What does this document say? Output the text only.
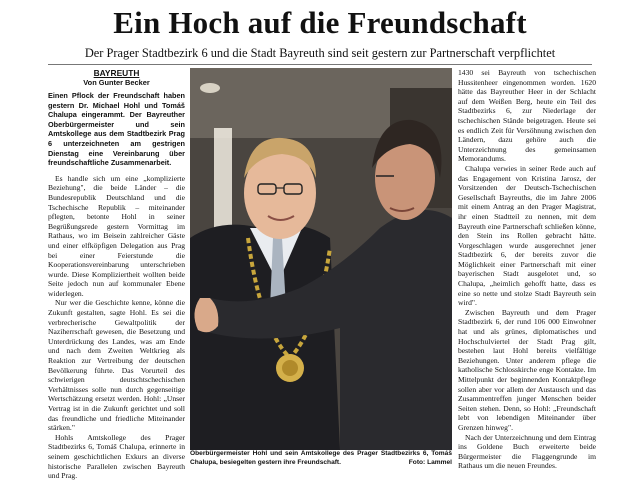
Ein Hoch auf die Freundschaft

Der Prager Stadtbezirk 6 und die Stadt Bayreuth sind seit gestern zur Partnerschaft verpflichtet

BAYREUTH
Von Gunter Becker
Einen Pflock der Freundschaft haben gestern Dr. Michael Hohl und Tomáš Chalupa eingerammt. Der Bayreuther Oberbürgermeister und sein Amtskollege aus dem Stadtbezirk Prag 6 unterzeichneten am gestrigen Dienstag eine Vereinbarung über freundschaftliche Zusammenarbeit.

Es handle sich um eine „komplizierte Beziehung", die beide Länder – die Bundesrepublik Deutschland und die Tschechische Republik – miteinander pflegten, betonte Hohl in seiner Begrüßungsrede gestern Vormittag im Rathaus, wo im Beisein zahlreicher Gäste und einer elfköpfigen Delegation aus Prag bei einer Feierstunde die Kooperationsvereinbarung unterschrieben wurde. Diese Kompliziertheit wollten beide Seite jedoch nun auf kommunaler Ebene widerlegen.

Nur wer die Geschichte kenne, könne die Zukunft gestalten, sagte Hohl. Es sei die verbrecherische Gewaltpolitik der Naziherrschaft gewesen, die Besetzung und Unterdrückung des Landes, was am Ende und nach dem Zweiten Weltkrieg als Reaktion zur Vertreibung der deutschen Bevölkerung führte. Das Vorurteil des schwierigen deutschtschechischen Verhältnisses solle nun durch gegenseitige Wertschätzung ersetzt werden. Hohl: „Unser Vertrag ist in die Zukunft gerichtet und soll das freundliche und friedliche Miteinander stärken."

Hohls Amtskollege des Prager Stadtbezirks 6, Tomáš Chalupa, erinnerte in seinem geschichtlichen Exkurs an diverse historische Parallelen zwischen Bayreuth und Prag.

Oberbürgermeister Hohl und sein Amtskollege des Prager Stadtbezirks 6, Tomáš Chalupa, besiegelten gestern ihre Freundschaft.	Foto: Lammel

1430 sei Bayreuth von tschechischen Hussitenheer eingenommen worden. 1620 hätte das Bayreuther Heer in der Schlacht auf dem Weißen Berg, heute ein Teil des Stadtbezirks 6, zur Niederlage der tschechischen Stände beigetragen. Heute sei es endlich Zeit für Versöhnung zwischen den Ländern, dazu gehöre auch die Unterzeichnung des gemeinsamen Memorandums.

Chalupa verwies in seiner Rede auch auf das Engagement von Kristina Jarosz, der Vorsitzenden der Deutsch-Tschechischen Gesellschaft Bayreuths, die im Jahre 2006 mit einem Antrag an den Prager Magistrat, ihr einen Stadtteil zu nennen, mit dem Bayreuth eine Partnerschaft schließen könne, den Stein ins Rollen gebracht hätte. Vorgeschlagen wurde ausgerechnet jener Stadtbezirk 6, der bereits zuvor die Möglichkeit einer Partnerschaft mit einer bayerischen Stadt ausgelotet und, so Chalupa, „heimlich gehofft hatte, dass es eine so nette und stolze Stadt Bayreuth sein wird".

Zwischen Bayreuth und dem Prager Stadtbezirk 6, der rund 106 000 Einwohner hat und als grünes, diplomatisches und Hochschulviertel der Stadt Prag gilt, bestehen laut Hohl bereits vielfältige Beziehungen. Unter anderem pflege die katholische Schlosskirche enge Kontakte. Im Mittelpunkt der beginnenden Kontaktpflege sollen aber vor allem der Austausch und das Zusammentreffen junger Menschen beider Seiten stehen. Denn, so Hohl: „Freundschaft lebt von lebendigen Miteinander über Grenzen hinweg".

Nach der Unterzeichnung und dem Eintrag ins Goldene Buch erweiterte beide Bürgermeister die Flaggengrunde im Rathaus um die neuen Freundes.
